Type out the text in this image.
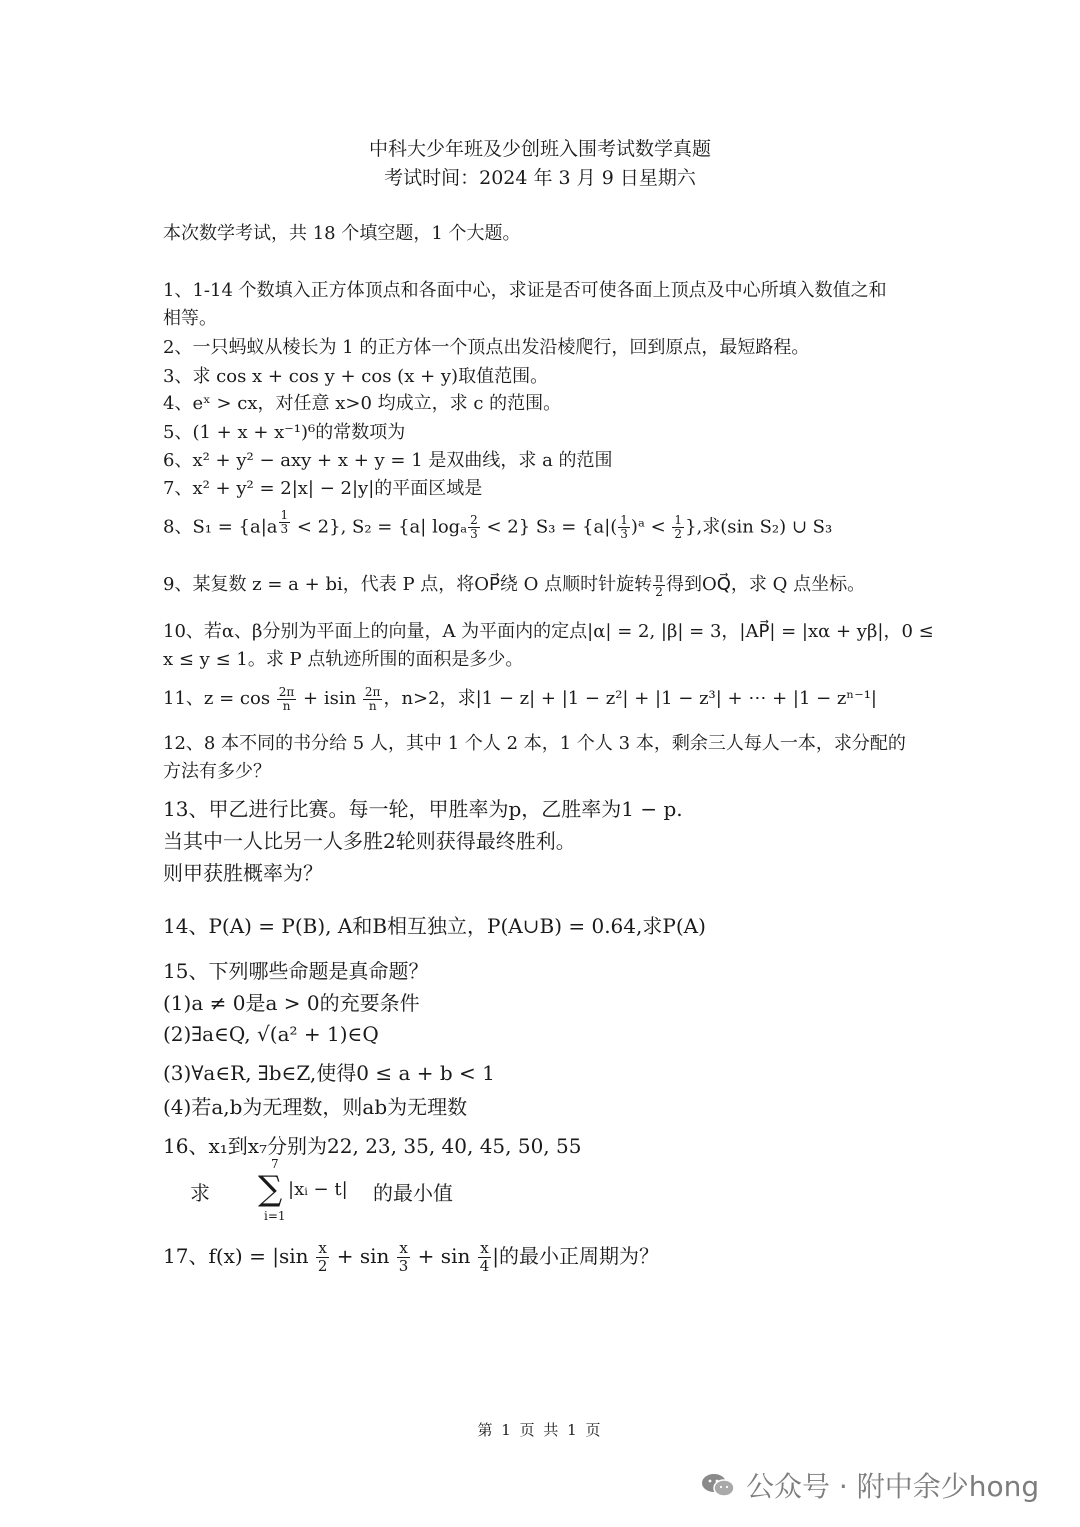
中科大少年班及少创班入围考试数学真题
考试时间：2024 年 3 月 9 日星期六
本次数学考试，共 18 个填空题，1 个大题。
1、1-14 个数填入正方体顶点和各面中心，求证是否可使各面上顶点及中心所填入数值之和
相等。
2、一只蚂蚁从棱长为 1 的正方体一个顶点出发沿棱爬行，回到原点，最短路程。
3、求 cos x + cos y + cos (x + y)取值范围。
4、eˣ > cx，对任意 x>0 均成立，求 c 的范围。
5、(1 + x + x⁻¹)⁶的常数项为
6、x² + y² − axy + x + y = 1 是双曲线，求 a 的范围
7、x² + y² = 2|x| − 2|y|的平面区域是
8、S₁ = {a|a $^{\frac{1}{3}}$ < 2}, S₂ = {a| logₐ $\frac{2}{3} < 2$} $S_3 = \{a|( \frac{1}{3}$ )ᵃ < $\frac{1}{2}$ },求(sin S₂) ∪ S₃
9、某复数 z = a + bi，代表 P 点，将OP⃗绕 O 点顺时针旋转 $\frac{\pi}{2}$ 得到OQ⃗，求 Q 点坐标。
10、若α、β分别为平面上的向量，A 为平面内的定点|α| = 2, |β| = 3，|AP⃗| = |xα + yβ|，0 ≤
x ≤ y ≤ 1。求 P 点轨迹所围的面积是多少。
11、$z = \cos \frac{2\pi}{n} + isin \frac{2\pi}{n}$ ，n>2，求|1 − z| + |1 − z²| + |1 − z³| + ⋯ + |1 − zⁿ⁻¹|
12、8 本不同的书分给 5 人，其中 1 个人 2 本，1 个人 3 本，剩余三人每人一本，求分配的
方法有多少？
13、甲乙进行比赛。每一轮，甲胜率为p，乙胜率为1 − p.
当其中一人比另一人多胜2轮则获得最终胜利。
则甲获胜概率为？
14、P(A) = P(B), A和B相互独立，P(A∪B) = 0.64,求P(A)
15、下列哪些命题是真命题？
(1)a ≠ 0是a > 0的充要条件
(2)∃a∈Q, √(a² + 1)∈Q
(3)∀a∈R, ∃b∈Z,使得0 ≤ a + b < 1
(4)若a,b为无理数，则ab为无理数
16、x₁到x₇分别为22, 23, 35, 40, 45, 50, 55
求
7
∑
i=1
|xᵢ − t| 的最小值
17、$f(x) = |\sin \frac{x}{2} + \sin \frac{x}{3} + \sin \frac{x}{4}$ |的最小正周期为？
第 1 页 共 1 页
公众号 · 附中余少hong
